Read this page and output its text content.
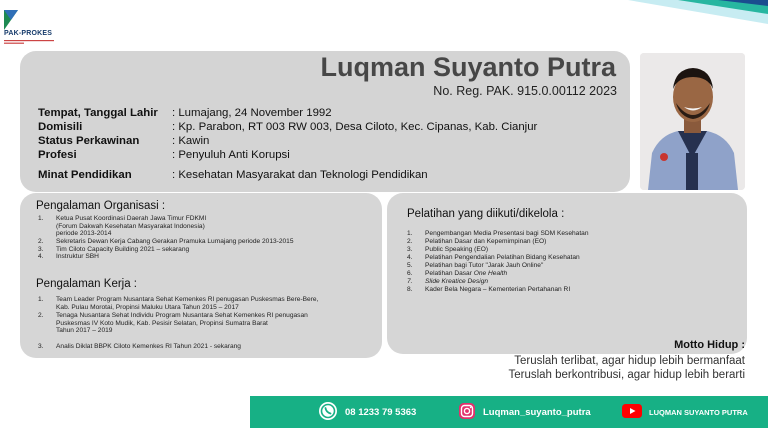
PAK-PROKES
Luqman Suyanto Putra
No. Reg. PAK. 915.0.00112 2023
Tempat, Tanggal Lahir : Lumajang, 24 November 1992
Domisili	: Kp. Parabon, RT 003 RW 003, Desa Ciloto, Kec. Cipanas, Kab. Cianjur
Status Perkawinan	: Kawin
Profesi	: Penyuluh Anti Korupsi
Minat Pendidikan	: Kesehatan Masyarakat dan Teknologi Pendidikan
Pengalaman Organisasi :
1. Ketua Pusat Koordinasi Daerah Jawa Timur FDKMI
(Forum Dakwah Kesehatan Masyarakat Indonesia)
periode 2013-2014
2. Sekretaris Dewan Kerja Cabang Gerakan Pramuka Lumajang periode 2013-2015
3. Tim Ciloto Capacity Building 2021 – sekarang
4. Instruktur SBH
Pengalaman Kerja :
1. Team Leader Program Nusantara Sehat Kemenkes RI penugasan Puskesmas Bere-Bere,
Kab. Pulau Morotai, Propinsi Maluku Utara Tahun 2015 – 2017
2. Tenaga Nusantara Sehat Individu Program Nusantara Sehat Kemenkes RI penugasan
Puskesmas IV Koto Mudik, Kab. Pesisir Selatan, Propinsi Sumatra Barat
Tahun 2017 – 2019
3. Analis Diklat BBPK Ciloto Kemenkes RI Tahun 2021 - sekarang
Pelatihan yang diikuti/dikelola :
1. Pengembangan Media Presentasi bagi SDM Kesehatan
2. Pelatihan Dasar dan Kepemimpinan (EO)
3. Public Speaking (EO)
4. Pelatihan Pengendalian Pelatihan Bidang Kesehatan
5. Pelatihan bagi Tutor "Jarak Jauh Online"
6. Pelatihan Dasar One Health
7. Slide Kreatice Design
8. Kader Bela Negara – Kementerian Pertahanan RI
Motto Hidup :
Teruslah terlibat, agar hidup lebih bermanfaat
Teruslah berkontribusi, agar hidup lebih berarti
08 1233 79 5363	Luqman_suyanto_putra	LUQMAN SUYANTO PUTRA
